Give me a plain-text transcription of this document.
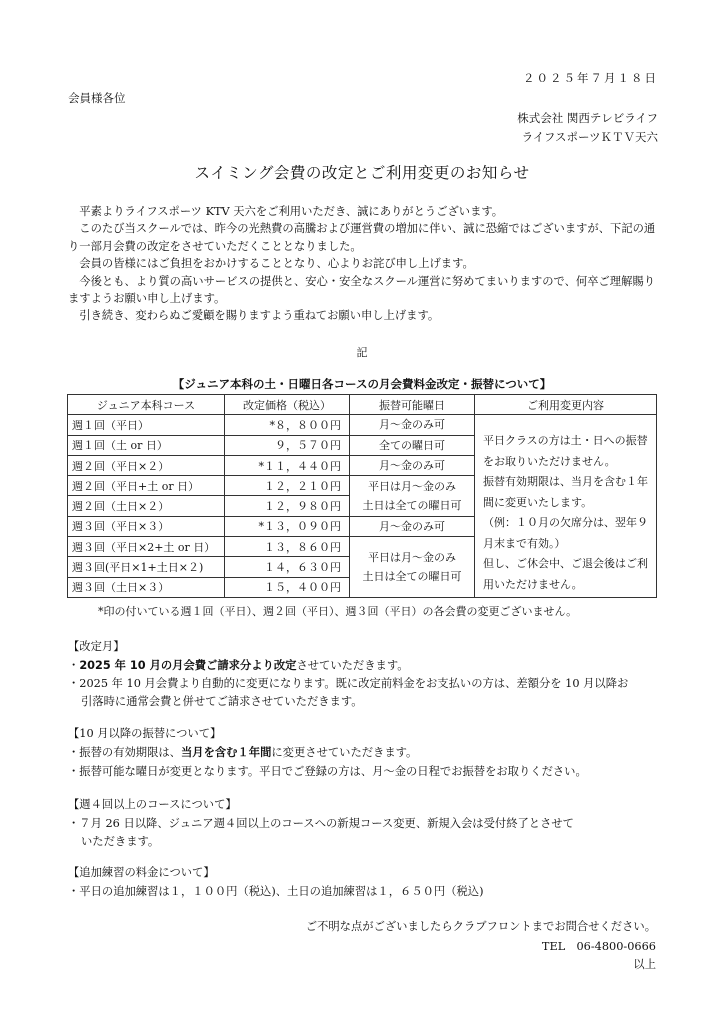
２０２５年７月１８日
会員様各位
株式会社 関西テレビライフ
ライフスポーツＫＴＶ天六
スイミング会費の改定とご利用変更のお知らせ

平素よりライフスポーツ KTV 天六をご利用いただき、誠にありがとうございます。

このたび当スクールでは、昨今の光熱費の高騰および運営費の増加に伴い、誠に恐縮ではございますが、下記の通り一部月会費の改定をさせていただくこととなりました。

会員の皆様にはご負担をおかけすることとなり、心よりお詫び申し上げます。

今後とも、より質の高いサービスの提供と、安心・安全なスクール運営に努めてまいりますので、何卒ご理解賜りますようお願い申し上げます。

引き続き、変わらぬご愛顧を賜りますよう重ねてお願い申し上げます。

記
【ジュニア本科の土・日曜日各コースの月会費料金改定・振替について】
ジュニア本科コース	改定価格（税込）	振替可能曜日	ご利用変更内容
週１回（平日）	*８，８００円	月～金のみ可	平日クラスの方は土・日への振替をお取りいただけません。
振替有効期限は、当月を含む１年間に変更いたします。
（例：１０月の欠席分は、翌年９月末まで有効。）
但し、ご休会中、ご退会後はご利用いただけません。

週１回（土 or 日）	９，５７０円	全ての曜日可	
週２回（平日×２）	*１１，４４０円	月～金のみ可	
週２回（平日+土 or 日）	１２，２１０円	平日は月～金のみ
土日は全ての曜日可	

週２回（土日×２）	１２，９８０円		
週３回（平日×３）	*１３，０９０円	月～金のみ可	
週３回（平日×2+土 or 日）	１３，８６０円	平日は月～金のみ
土日は全ての曜日可	

週３回(平日×1+土日×２)	１４，６３０円		
週３回（土日×３）	１５，４００円		
*印の付いている週１回（平日）、週２回（平日）、週３回（平日）の各会費の変更ございません。
【改定月】
・2025 年 10 月の月会費ご請求分より改定させていただきます。
・2025 年 10 月会費より自動的に変更になります。既に改定前料金をお支払いの方は、差額分を 10 月以降お
引落時に通常会費と併せてご請求させていただきます。
【10 月以降の振替について】
・振替の有効期限は、当月を含む１年間に変更させていただきます。
・振替可能な曜日が変更となります。平日でご登録の方は、月～金の日程でお振替をお取りください。
【週４回以上のコースについて】
・７月 26 日以降、ジュニア週４回以上のコースへの新規コース変更、新規入会は受付終了とさせて
いただきます。
【追加練習の料金について】
・平日の追加練習は１，１００円（税込)、土日の追加練習は１，６５０円（税込)
ご不明な点がございましたらクラブフロントまでお問合せください。
TEL　06-4800-0666
以上
